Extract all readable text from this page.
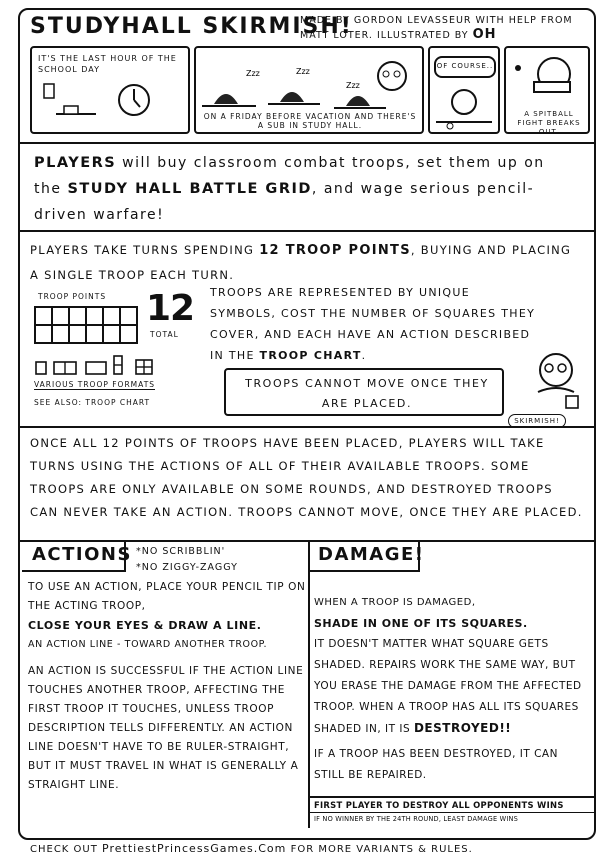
STUDYHALL SKIRMISH!
MADE BY GORDON LEVASSEUR WITH HELP FROM MATT LOTER. ILLUSTRATED BY OH
IT'S THE LAST HOUR OF THE SCHOOL DAY	Zzz	Zzz
Zzz
ON A FRIDAY BEFORE VACATION AND THERE'S A SUB IN STUDY HALL.
OF COURSE..
A SPITBALL FIGHT BREAKS OUT.
PLAYERS will buy classroom combat troops, set them up on the STUDY HALL BATTLE GRID, and wage serious pencil-driven warfare!
PLAYERS TAKE TURNS SPENDING 12 TROOP POINTS, BUYING AND PLACING A SINGLE TROOP EACH TURN.
TROOP POINTS 12
TOTAL
VARIOUS TROOP FORMATS
SEE ALSO: TROOP CHART
TROOPS ARE REPRESENTED BY UNIQUE SYMBOLS, COST THE NUMBER OF SQUARES THEY COVER, AND EACH HAVE AN ACTION DESCRIBED IN THE TROOP CHART.
TROOPS CANNOT MOVE ONCE THEY ARE PLACED.
SKIRMISH!
ONCE ALL 12 POINTS OF TROOPS HAVE BEEN PLACED, PLAYERS WILL TAKE TURNS USING THE ACTIONS OF ALL OF THEIR AVAILABLE TROOPS. SOME TROOPS ARE ONLY AVAILABLE ON SOME ROUNDS, AND DESTROYED TROOPS CAN NEVER TAKE AN ACTION. TROOPS CANNOT MOVE, ONCE THEY ARE PLACED.
ACTIONS *NO SCRIBBLIN'
*NO ZIGGY-ZAGGY
TO USE AN ACTION, PLACE YOUR PENCIL TIP ON THE ACTING TROOP,
CLOSE YOUR EYES & DRAW A LINE.
AN ACTION LINE - TOWARD ANOTHER TROOP.
AN ACTION IS SUCCESSFUL IF THE ACTION LINE TOUCHES ANOTHER TROOP, AFFECTING THE FIRST TROOP IT TOUCHES, UNLESS TROOP DESCRIPTION TELLS DIFFERENTLY. AN ACTION LINE DOESN'T HAVE TO BE RULER-STRAIGHT, BUT IT MUST TRAVEL IN WHAT IS GENERALLY A STRAIGHT LINE.
DAMAGE!
WHEN A TROOP IS DAMAGED,
SHADE IN ONE OF ITS SQUARES.
IT DOESN'T MATTER WHAT SQUARE GETS SHADED. REPAIRS WORK THE SAME WAY, BUT YOU ERASE THE DAMAGE FROM THE AFFECTED TROOP. WHEN A TROOP HAS ALL ITS SQUARES SHADED IN, IT IS DESTROYED!!
IF A TROOP HAS BEEN DESTROYED, IT CAN STILL BE REPAIRED.
FIRST PLAYER TO DESTROY ALL OPPONENTS WINS
IF NO WINNER BY THE 24TH ROUND, LEAST DAMAGE WINS
CHECK OUT PrettiestPrincessGames.Com FOR MORE VARIANTS & RULES.
